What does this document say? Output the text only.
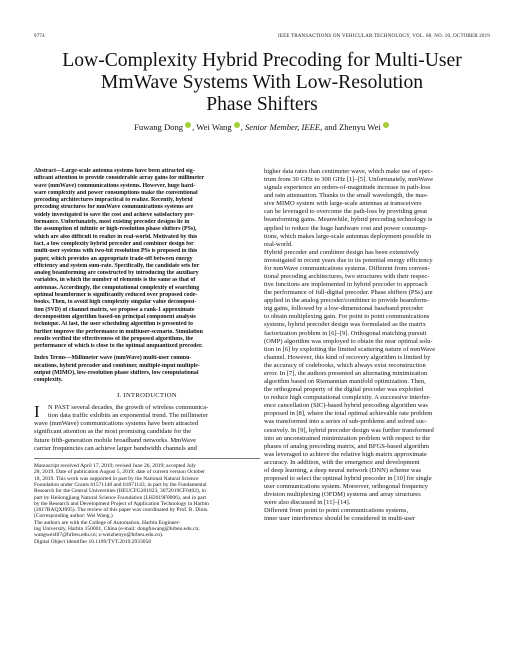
9774	IEEE TRANSACTIONS ON VEHICULAR TECHNOLOGY, VOL. 68, NO. 10, OCTOBER 2019
Low-Complexity Hybrid Precoding for Multi-User
MmWave Systems With Low-Resolution
Phase Shifters
Fuwang Dong , Wei Wang , Senior Member, IEEE, and Zhenyu Wei
Abstract—Large-scale antenna systems have been attracted sig-
nificant attention to provide considerable array gains for millimeter
wave (mmWave) communications systems. However, huge hard-
ware complexity and power consumptions make the conventional
precoding architectures impractical to realize. Recently, hybrid
precoding structures for mmWave communications systems are
widely investigated to save the cost and achieve satisfactory per-
formance. Unfortunately, most existing precoder designs lie in
the assumption of infinite or high-resolution phase shifters (PSs),
which are also difficult to realize in real-world. Motivated by this
fact, a low complexity hybrid precoder and combiner design for
multi-user systems with two-bit resolution PSs is proposed in this
paper, which provides an appropriate trade-off between energy
efficiency and system sum-rate. Specifically, the candidate sets for
analog beamforming are constructed by introducing the auxiliary
variables, in which the number of elements is the same as that of
antennas. Accordingly, the computational complexity of searching
optimal beamformer is significantly reduced over proposed code-
books. Then, to avoid high complexity singular value decomposi-
tion (SVD) of channel matrix, we propose a rank-1 approximate
decomposition algorithm based-on principal component analysis
technique. At last, the user scheduling algorithm is presented to
further improve the performance in multiuser-scenario. Simulation
results verified the effectiveness of the proposed algorithms, the
performance of which is close to the optimal unquantized precoder.
Index Terms—Millimeter wave (mmWave) multi-user commu-
nications, hybrid precoder and combiner, multiple-input multiple-
output (MIMO), low-resolution phase shifters, low computational
complexity.
I. INTRODUCTION
I	N PAST several decades, the growth of wireless communica-
tion data traffic exhibits an exponential trend. The millimeter
wave (mmWave) communications systems have been attracted
significant attention as the most promising candidate for the
future fifth-generation mobile broadband networks. MmWave
carrier frequencies can achieve larger bandwidth channels and
Manuscript received April 17, 2019; revised June 26, 2019; accepted July
28, 2019. Date of publication August 5, 2019; date of current version October
18, 2019. This work was supported in part by the National Natural Science
Foundation under Grants 61571148 and 61871143, in part by the Fundamental
Research for the Central Universities (HEUCFG201823, 3072019CF0402), in
part by Heilongjiang Natural Science Foundation (LH2019F0006), and in part
by the Research and Development Project of Application Technology in Harbin
(2017RAQXJ095). The review of this paper was coordinated by Prof. R. Dinis.
(Corresponding author: Wei Wang.)
The authors are with the College of Automation, Harbin Engineer-
ing University, Harbin 150001, China (e-mail: dongfuwang@hrbeu.edu.cn;
wangwei407@hrbeu.edu.cn; z-weizhenyu@hrbeu.edu.cn).
Digital Object Identifier 10.1109/TVT.2019.2933058
higher data rates than centimeter wave, which make use of spec-
trum from 30 GHz to 300 GHz [1]–[5]. Unfortunately, mmWave
signals experience an orders-of-magnitude increase in path-loss
and rain attenuation. Thanks to the small wavelength, the mas-
sive MIMO system with large-scale antennas at transceivers
can be leveraged to overcome the path-loss by providing great
beamforming gains. Meanwhile, hybrid precoding technology is
applied to reduce the huge hardware cost and power consump-
tions, which makes large-scale antennas deployment possible in
real-world.
Hybrid precoder and combiner design has been extensively
investigated in recent years due to its potential energy efficiency
for mmWave communications systems. Different from conven-
tional precoding architectures, two structures with their respec-
tive functions are implemented in hybrid precoder to approach
the performance of full-digital precoder. Phase shifters (PSs) are
applied in the analog precoder/combiner to provide beamform-
ing gains, followed by a low-dimensional baseband precoder
to obtain multiplexing gain. For point to point communications
systems, hybrid precoder design was formulated as the matrix
factorization problem in [6]–[9]. Orthogonal matching pursuit
(OMP) algorithm was employed to obtain the near optimal solu-
tion in [6] by exploiting the limited scattering nature of mmWave
channel. However, this kind of recovery algorithm is limited by
the accuracy of codebooks, which always exist reconstruction
error. In [7], the authors presented an alternating minimization
algorithm based on Riemannian manifold optimization. Then,
the orthogonal property of the digital precoder was exploited
to reduce high computational complexity. A successive interfer-
ence cancellation (SIC)-based hybrid precoding algorithm was
proposed in [8], where the total optimal achievable rate problem
was transformed into a series of sub-problems and solved suc-
cessively. In [9], hybrid precoder design was further transformed
into an unconstrained minimization problem with respect to the
phases of analog precoding matrix, and BFGS-based algorithm
was leveraged to achieve the relative high matrix approximate
accuracy. In addition, with the emergence and development
of deep learning, a deep neural network (DNN) scheme was
proposed to select the optimal hybrid precoder in [10] for single
user communications system. Moreover, orthogonal frequency
division multiplexing (OFDM) systems and array structures
were also discussed in [11]–[14].
Different from point to point communications systems,
inner user interference should be considered in multi-user
